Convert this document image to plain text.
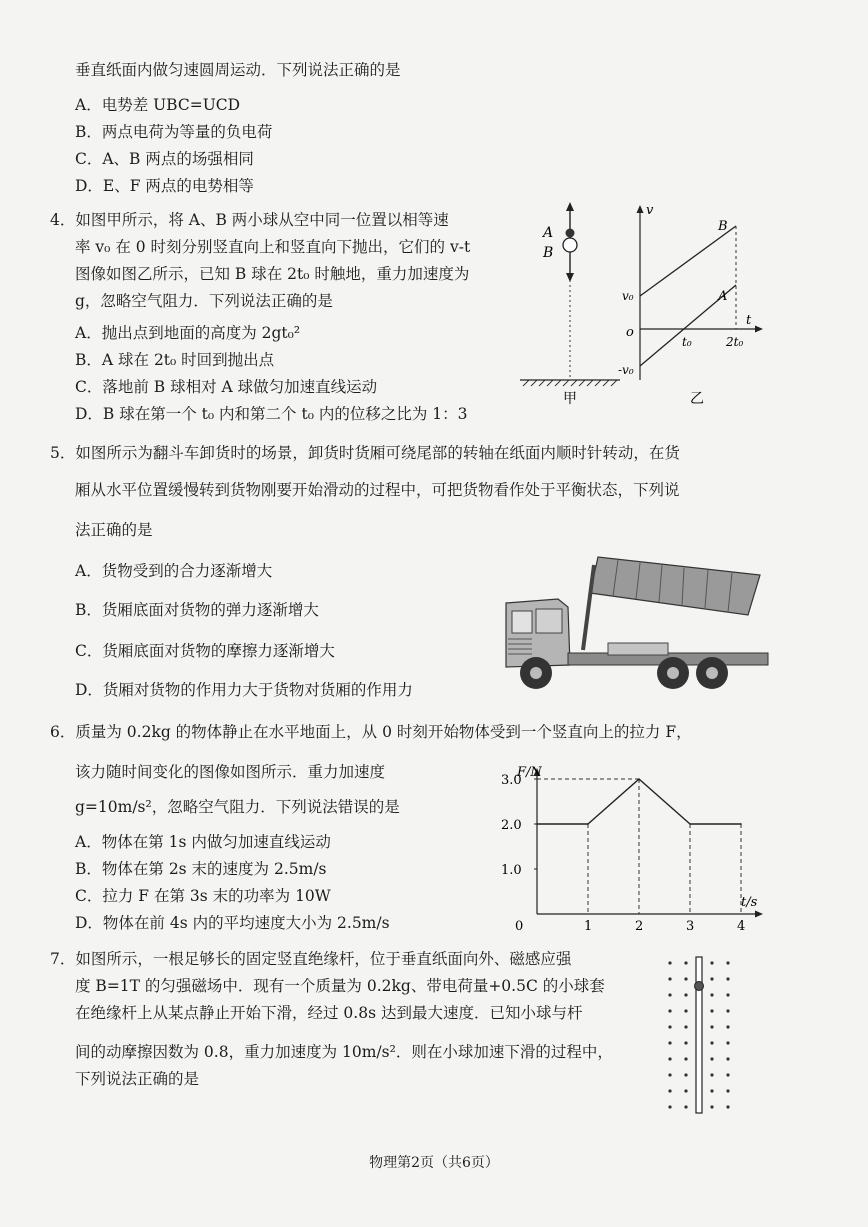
垂直纸面内做匀速圆周运动．下列说法正确的是
A．电势差 UBC=UCD
B．两点电荷为等量的负电荷
C．A、B 两点的场强相同
D．E、F 两点的电势相等
4．如图甲所示，将 A、B 两小球从空中同一位置以相等速
率 v₀ 在 0 时刻分别竖直向上和竖直向下抛出，它们的 v-t
图像如图乙所示，已知 B 球在 2t₀ 时触地，重力加速度为
g，忽略空气阻力．下列说法正确的是
A．抛出点到地面的高度为 2gt₀²
B．A 球在 2t₀ 时回到抛出点
C．落地前 B 球相对 A 球做匀加速直线运动
D．B 球在第一个 t₀ 内和第二个 t₀ 内的位移之比为 1：3
A
B
甲
v
t
o
v₀
-v₀
B
A
t₀	2t₀
乙
5．如图所示为翻斗车卸货时的场景，卸货时货厢可绕尾部的转轴在纸面内顺时针转动，在货
厢从水平位置缓慢转到货物刚要开始滑动的过程中，可把货物看作处于平衡状态，下列说
法正确的是
A．货物受到的合力逐渐增大
B．货厢底面对货物的弹力逐渐增大
C．货厢底面对货物的摩擦力逐渐增大
D．货厢对货物的作用力大于货物对货厢的作用力
6．质量为 0.2kg 的物体静止在水平地面上，从 0 时刻开始物体受到一个竖直向上的拉力 F，
该力随时间变化的图像如图所示．重力加速度
g=10m/s²，忽略空气阻力．下列说法错误的是
A．物体在第 1s 内做匀加速直线运动
B．物体在第 2s 末的速度为 2.5m/s
C．拉力 F 在第 3s 末的功率为 10W
D．物体在前 4s 内的平均速度大小为 2.5m/s
F/N
t/s
1.0
2.0
3.0
0	1	2	3	4
7．如图所示，一根足够长的固定竖直绝缘杆，位于垂直纸面向外、磁感应强
度 B=1T 的匀强磁场中．现有一个质量为 0.2kg、带电荷量+0.5C 的小球套
在绝缘杆上从某点静止开始下滑，经过 0.8s 达到最大速度．已知小球与杆
间的动摩擦因数为 0.8，重力加速度为 10m/s²．则在小球加速下滑的过程中，
下列说法正确的是
物理第2页（共6页）
